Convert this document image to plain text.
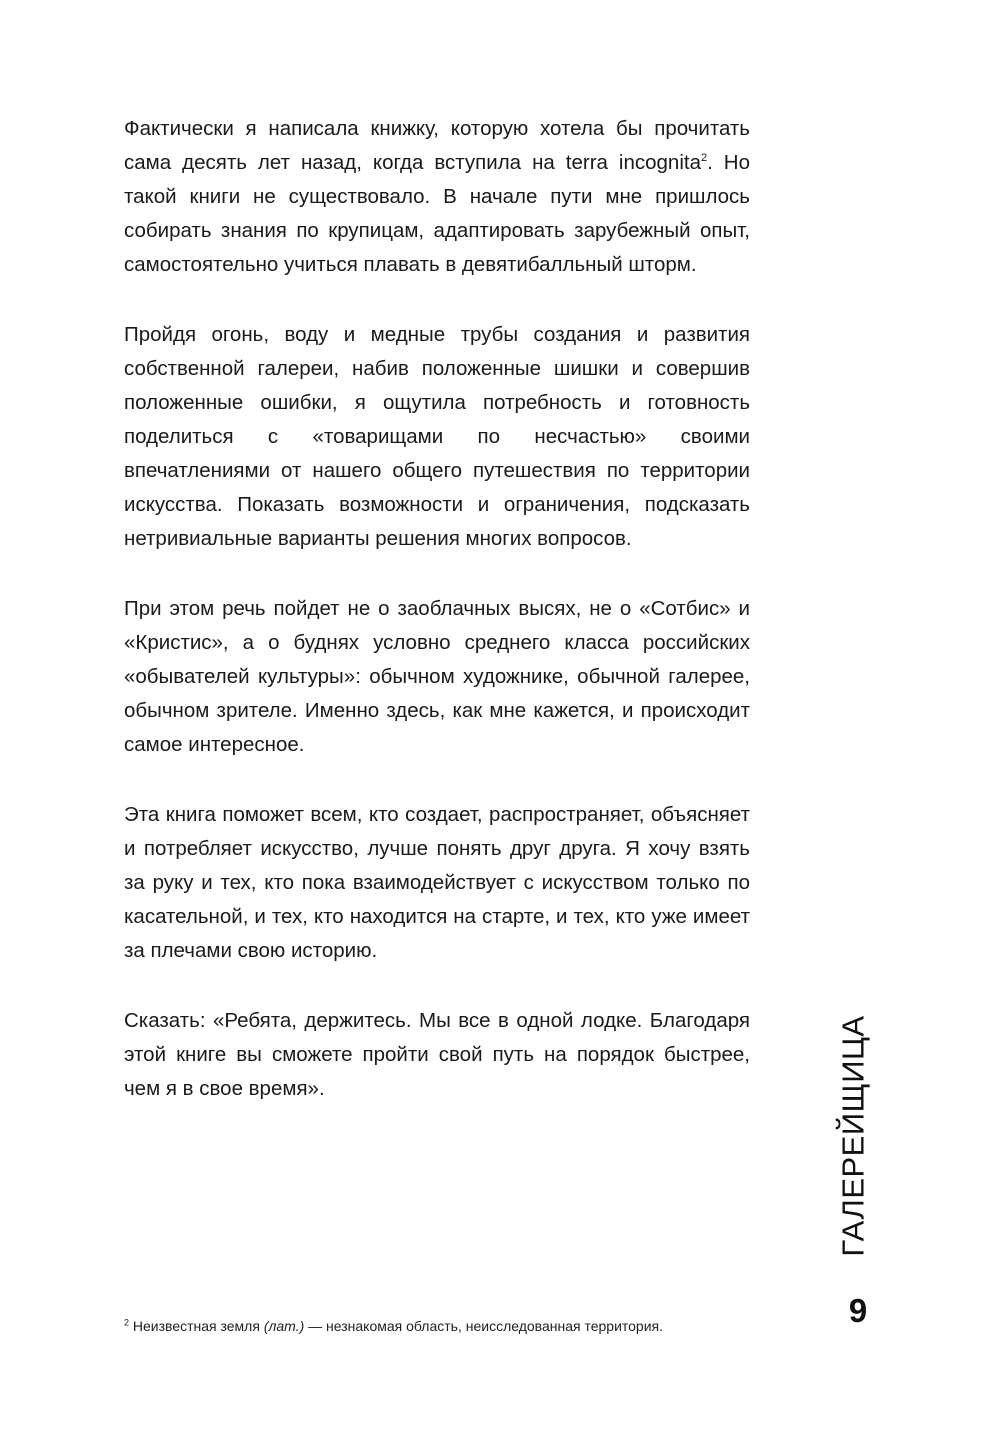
Фактически я написала книжку, которую хотела бы прочитать сама десять лет назад, когда вступила на terra incognita$^2$. Но такой книги не существовало. В начале пути мне пришлось собирать знания по крупицам, адаптировать зарубежный опыт, самостоятельно учиться плавать в девятибалльный шторм.

Пройдя огонь, воду и медные трубы создания и развития собственной галереи, набив положенные шишки и совершив положенные ошибки, я ощутила потребность и готовность поделиться с «товарищами по несчастью» своими впечатлениями от нашего общего путешествия по территории искусства. Показать возможности и ограничения, подсказать нетривиальные варианты решения многих вопросов.

При этом речь пойдет не о заоблачных высях, не о «Сотбис» и «Кристис», а о буднях условно среднего класса российских «обывателей культуры»: обычном художнике, обычной галерее, обычном зрителе. Именно здесь, как мне кажется, и происходит самое интересное.

Эта книга поможет всем, кто создает, распространяет, объясняет и потребляет искусство, лучше понять друг друга. Я хочу взять за руку и тех, кто пока взаимодействует с искусством только по касательной, и тех, кто находится на старте, и тех, кто уже имеет за плечами свою историю.

Сказать: «Ребята, держитесь. Мы все в одной лодке. Благодаря этой книге вы сможете пройти свой путь на порядок быстрее, чем я в свое время».	ГАЛЕРЕЙЩИЦА
9
$^2$ Неизвестная земля (лат.) — незнакомая область, неисследованная территория.
